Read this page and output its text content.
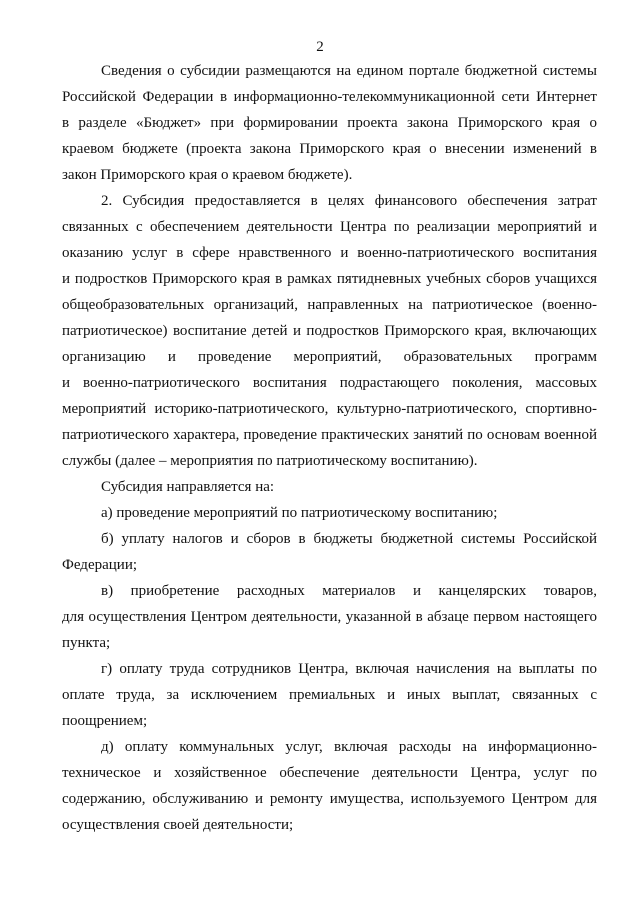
2
Сведения о субсидии размещаются на едином портале бюджетной системы
Российской Федерации в информационно-телекоммуникационной сети Интернет
в разделе «Бюджет» при формировании проекта закона Приморского края о
краевом бюджете (проекта закона Приморского края о внесении изменений в
закон Приморского края о краевом бюджете).
2. Субсидия предоставляется в целях финансового обеспечения затрат
связанных с обеспечением деятельности Центра по реализации мероприятий и
оказанию услуг в сфере нравственного и военно-патриотического воспитания
и подростков Приморского края в рамках пятидневных учебных сборов учащихся
общеобразовательных организаций, направленных на патриотическое (военно-
патриотическое) воспитание детей и подростков Приморского края, включающих
организацию и проведение мероприятий, образовательных программ
и военно-патриотического воспитания подрастающего поколения, массовых
мероприятий историко-патриотического, культурно-патриотического, спортивно-
патриотического характера, проведение практических занятий по основам военной
службы (далее – мероприятия по патриотическому воспитанию).
Субсидия направляется на:
а) проведение мероприятий по патриотическому воспитанию;
б) уплату налогов и сборов в бюджеты бюджетной системы Российской
Федерации;
в) приобретение расходных материалов и канцелярских товаров,
для осуществления Центром деятельности, указанной в абзаце первом настоящего
пункта;
г) оплату труда сотрудников Центра, включая начисления на выплаты по
оплате труда, за исключением премиальных и иных выплат, связанных с
поощрением;
д) оплату коммунальных услуг, включая расходы на информационно-
техническое и хозяйственное обеспечение деятельности Центра, услуг по
содержанию, обслуживанию и ремонту имущества, используемого Центром для
осуществления своей деятельности;
